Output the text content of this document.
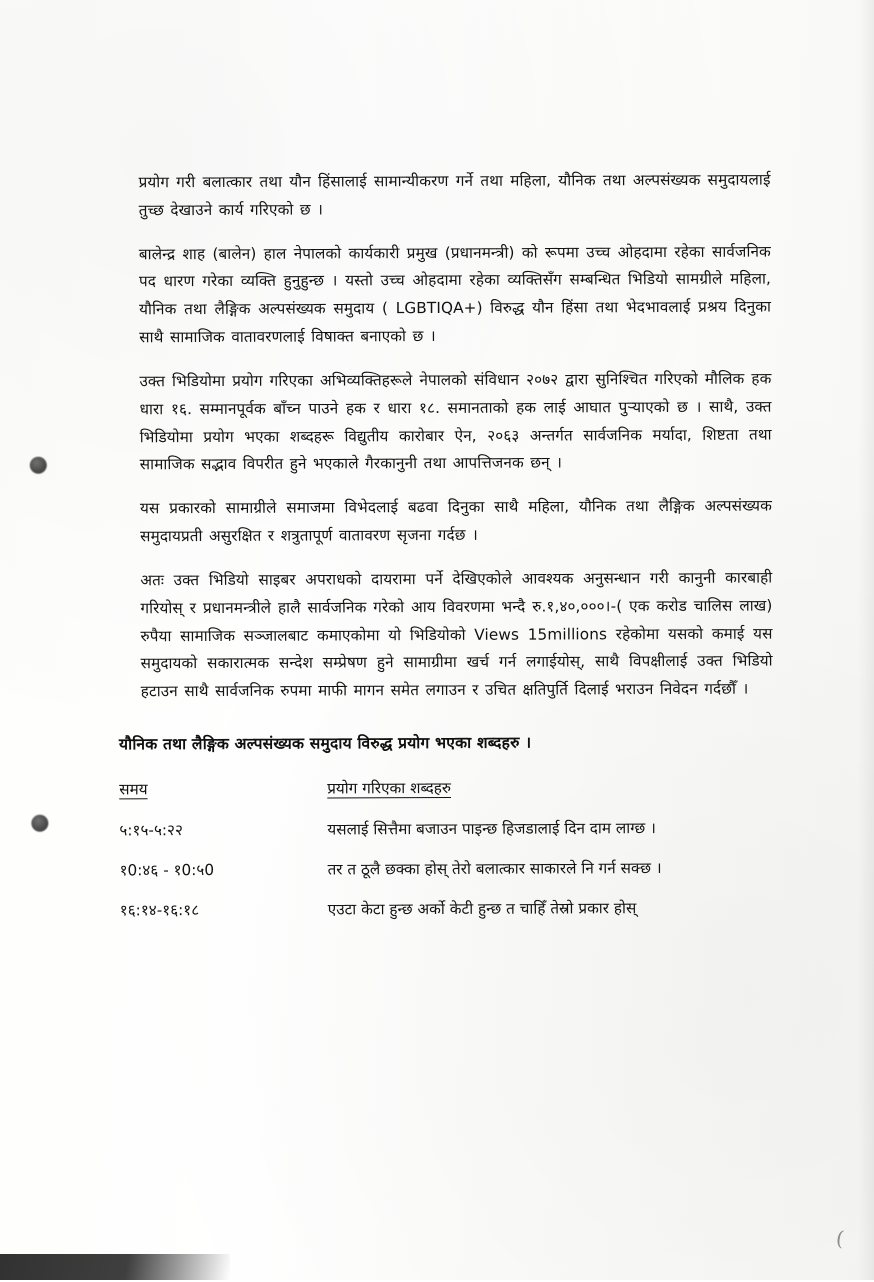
प्रयोग गरी बलात्कार तथा यौन हिंसालाई सामान्यीकरण गर्ने तथा महिला, यौनिक तथा अल्पसंख्यक समुदायलाई तुच्छ देखाउने कार्य गरिएको छ ।

बालेन्द्र शाह (बालेन) हाल नेपालको कार्यकारी प्रमुख (प्रधानमन्त्री) को रूपमा उच्च ओहदामा रहेका सार्वजनिक पद धारण गरेका व्यक्ति हुनुहुन्छ । यस्तो उच्च ओहदामा रहेका व्यक्तिसँग सम्बन्धित भिडियो सामग्रीले महिला, यौनिक तथा लैङ्गिक अल्पसंख्यक समुदाय ( LGBTIQA+) विरुद्ध यौन हिंसा तथा भेदभावलाई प्रश्रय दिनुका साथै सामाजिक वातावरणलाई विषाक्त बनाएको छ ।

उक्त भिडियोमा प्रयोग गरिएका अभिव्यक्तिहरूले नेपालको संविधान २०७२ द्वारा सुनिश्चित गरिएको मौलिक हक धारा १६. सम्मानपूर्वक बाँच्न पाउने हक र धारा १८. समानताको हक लाई आघात पुऱ्याएको छ । साथै, उक्त भिडियोमा प्रयोग भएका शब्दहरू विद्युतीय कारोबार ऐन, २०६३ अन्तर्गत सार्वजनिक मर्यादा, शिष्टता तथा सामाजिक सद्भाव विपरीत हुने भएकाले गैरकानुनी तथा आपत्तिजनक छन् ।

यस प्रकारको सामाग्रीले समाजमा विभेदलाई बढवा दिनुका साथै महिला, यौनिक तथा लैङ्गिक अल्पसंख्यक समुदायप्रती असुरक्षित र शत्रुतापूर्ण वातावरण सृजना गर्दछ ।

अतः उक्त भिडियो साइबर अपराधको दायरामा पर्ने देखिएकोले आवश्यक अनुसन्धान गरी कानुनी कारबाही गरियोस् र प्रधानमन्त्रीले हालै सार्वजनिक गरेको आय विवरणमा भन्दै रु.१,४०,०००।-( एक करोड चालिस लाख) रुपैया सामाजिक सञ्जालबाट कमाएकोमा यो भिडियोको Views 15millions रहेकोमा यसको कमाई यस समुदायको सकारात्मक सन्देश सम्प्रेषण हुने सामाग्रीमा खर्च गर्न लगाईयोस्, साथै विपक्षीलाई उक्त भिडियो हटाउन साथै सार्वजनिक रुपमा माफी मागन समेत लगाउन र उचित क्षतिपुर्ति दिलाई भराउन निवेदन गर्दछौँ ।

यौनिक तथा लैङ्गिक अल्पसंख्यक समुदाय विरुद्ध प्रयोग भएका शब्दहरु ।
समय	प्रयोग गरिएका शब्दहरु
५:१५-५:२२	यसलाई सित्तैमा बजाउन पाइन्छ हिजडालाई दिन दाम लाग्छ ।
१0:४६ - १0:५0	तर त ठूलै छक्का होस् तेरो बलात्कार साकारले नि गर्न सक्छ ।
१६:१४-१६:१८	एउटा केटा हुन्छ अर्को केटी हुन्छ त चाहिँ तेस्रो प्रकार होस्
(
